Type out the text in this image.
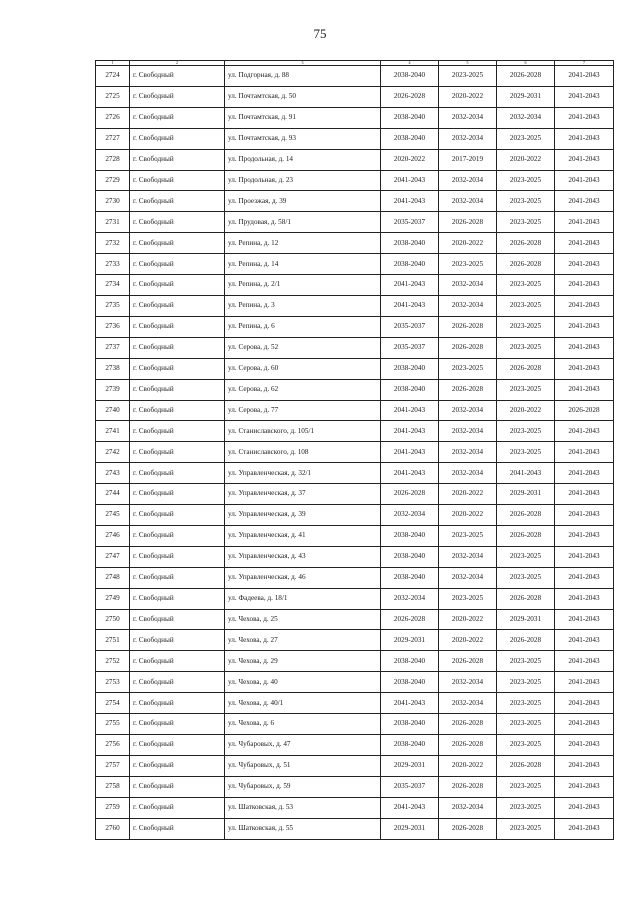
75
1	2	3	4	5	6	7
2724	г. Свободный	ул. Подгорная, д. 88	2038-2040	2023-2025	2026-2028	2041-2043
2725	г. Свободный	ул. Почтамтская, д. 50	2026-2028	2020-2022	2029-2031	2041-2043
2726	г. Свободный	ул. Почтамтская, д. 91	2038-2040	2032-2034	2032-2034	2041-2043
2727	г. Свободный	ул. Почтамтская, д. 93	2038-2040	2032-2034	2023-2025	2041-2043
2728	г. Свободный	ул. Продольная, д. 14	2020-2022	2017-2019	2020-2022	2041-2043
2729	г. Свободный	ул. Продольная, д. 23	2041-2043	2032-2034	2023-2025	2041-2043
2730	г. Свободный	ул. Проезжая, д. 39	2041-2043	2032-2034	2023-2025	2041-2043
2731	г. Свободный	ул. Прудовая, д. 58/1	2035-2037	2026-2028	2023-2025	2041-2043
2732	г. Свободный	ул. Репина, д. 12	2038-2040	2020-2022	2026-2028	2041-2043
2733	г. Свободный	ул. Репина, д. 14	2038-2040	2023-2025	2026-2028	2041-2043
2734	г. Свободный	ул. Репина, д. 2/1	2041-2043	2032-2034	2023-2025	2041-2043
2735	г. Свободный	ул. Репина, д. 3	2041-2043	2032-2034	2023-2025	2041-2043
2736	г. Свободный	ул. Репина, д. 6	2035-2037	2026-2028	2023-2025	2041-2043
2737	г. Свободный	ул. Серова, д. 52	2035-2037	2026-2028	2023-2025	2041-2043
2738	г. Свободный	ул. Серова, д. 60	2038-2040	2023-2025	2026-2028	2041-2043
2739	г. Свободный	ул. Серова, д. 62	2038-2040	2026-2028	2023-2025	2041-2043
2740	г. Свободный	ул. Серова, д. 77	2041-2043	2032-2034	2020-2022	2026-2028
2741	г. Свободный	ул. Станиславского, д. 105/1	2041-2043	2032-2034	2023-2025	2041-2043
2742	г. Свободный	ул. Станиславского, д. 108	2041-2043	2032-2034	2023-2025	2041-2043
2743	г. Свободный	ул. Управленческая, д. 32/1	2041-2043	2032-2034	2041-2043	2041-2043
2744	г. Свободный	ул. Управленческая, д. 37	2026-2028	2020-2022	2029-2031	2041-2043
2745	г. Свободный	ул. Управленческая, д. 39	2032-2034	2020-2022	2026-2028	2041-2043
2746	г. Свободный	ул. Управленческая, д. 41	2038-2040	2023-2025	2026-2028	2041-2043
2747	г. Свободный	ул. Управленческая, д. 43	2038-2040	2032-2034	2023-2025	2041-2043
2748	г. Свободный	ул. Управленческая, д. 46	2038-2040	2032-2034	2023-2025	2041-2043
2749	г. Свободный	ул. Фадеева, д. 18/1	2032-2034	2023-2025	2026-2028	2041-2043
2750	г. Свободный	ул. Чехова, д. 25	2026-2028	2020-2022	2029-2031	2041-2043
2751	г. Свободный	ул. Чехова, д. 27	2029-2031	2020-2022	2026-2028	2041-2043
2752	г. Свободный	ул. Чехова, д. 29	2038-2040	2026-2028	2023-2025	2041-2043
2753	г. Свободный	ул. Чехова, д. 40	2038-2040	2032-2034	2023-2025	2041-2043
2754	г. Свободный	ул. Чехова, д. 40/1	2041-2043	2032-2034	2023-2025	2041-2043
2755	г. Свободный	ул. Чехова, д. 6	2038-2040	2026-2028	2023-2025	2041-2043
2756	г. Свободный	ул. Чубаровых, д. 47	2038-2040	2026-2028	2023-2025	2041-2043
2757	г. Свободный	ул. Чубаровых, д. 51	2029-2031	2020-2022	2026-2028	2041-2043
2758	г. Свободный	ул. Чубаровых, д. 59	2035-2037	2026-2028	2023-2025	2041-2043
2759	г. Свободный	ул. Шатковская, д. 53	2041-2043	2032-2034	2023-2025	2041-2043
2760	г. Свободный	ул. Шатковская, д. 55	2029-2031	2026-2028	2023-2025	2041-2043
